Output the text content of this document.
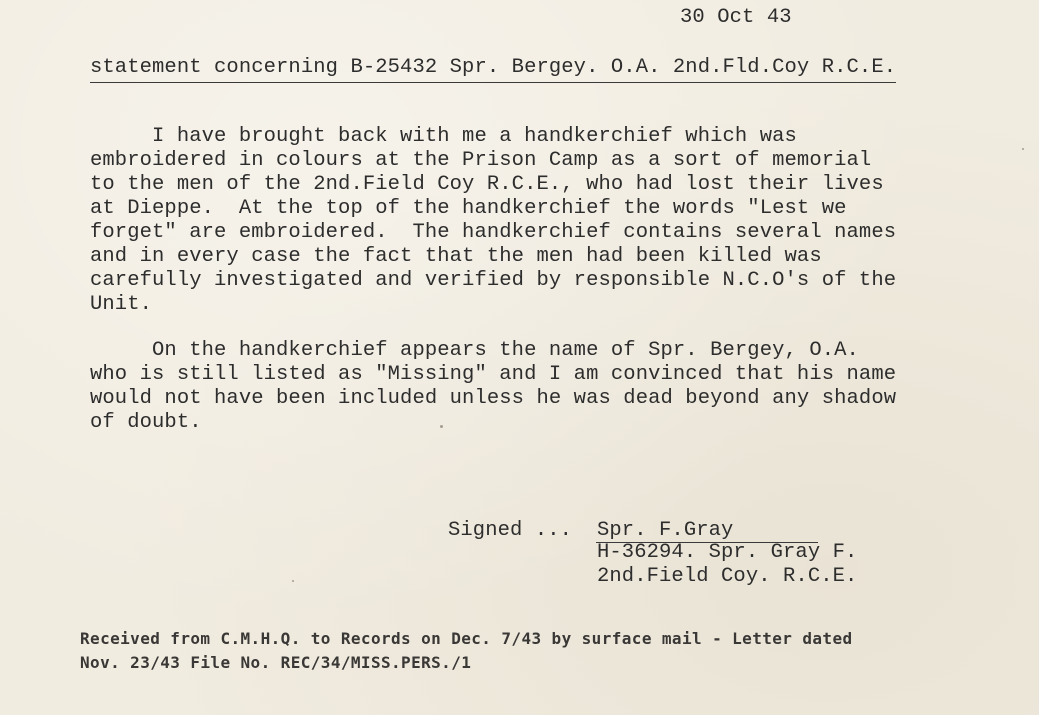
30 Oct 43
statement concerning B-25432 Spr. Bergey. O.A. 2nd.Fld.Coy R.C.E.
I have brought back with me a handkerchief which was
embroidered in colours at the Prison Camp as a sort of memorial
to the men of the 2nd.Field Coy R.C.E., who had lost their lives
at Dieppe.  At the top of the handkerchief the words "Lest we
forget" are embroidered.  The handkerchief contains several names
and in every case the fact that the men had been killed was
carefully investigated and verified by responsible N.C.O's of the
Unit.
On the handkerchief appears the name of Spr. Bergey, O.A.
who is still listed as "Missing" and I am convinced that his name
would not have been included unless he was dead beyond any shadow
of doubt.
Signed ... Spr. F.Gray
H-36294. Spr. Gray F.
2nd.Field Coy. R.C.E.
Received from C.M.H.Q. to Records on Dec. 7/43 by surface mail - Letter dated
Nov. 23/43 File No. REC/34/MISS.PERS./1
